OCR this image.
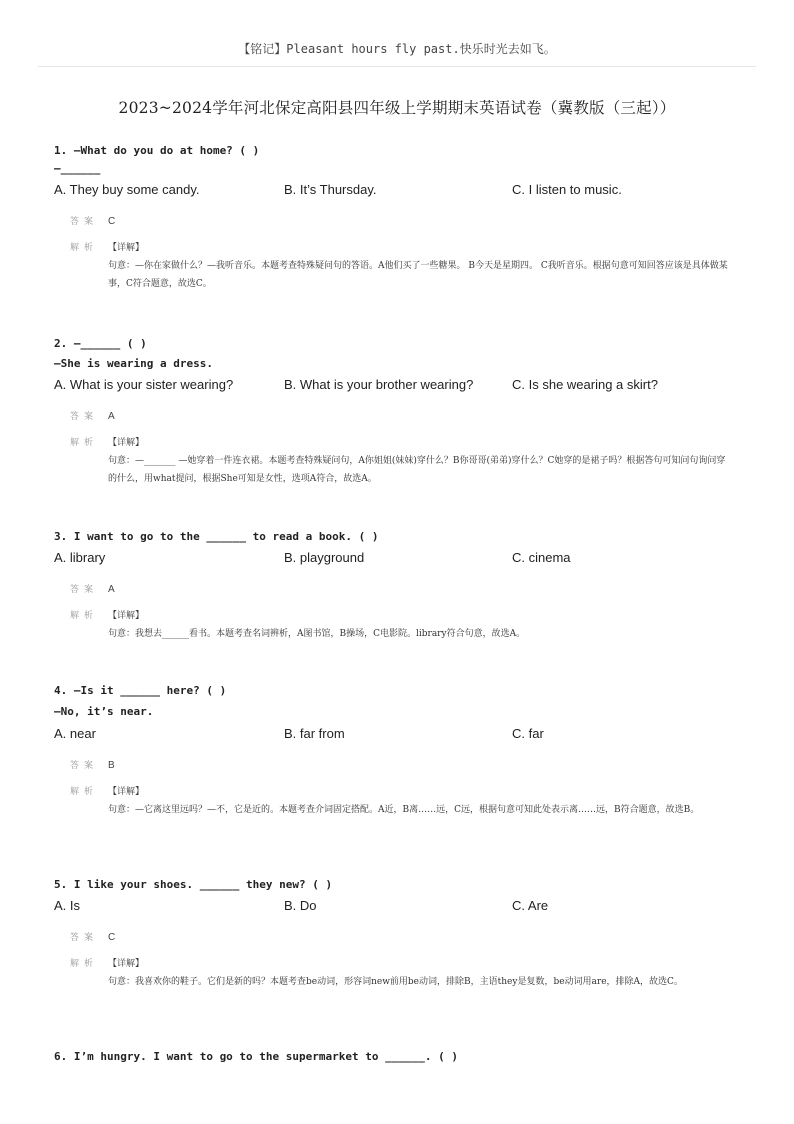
【铭记】Pleasant hours fly past.快乐时光去如飞。
2023~2024学年河北保定高阳县四年级上学期期末英语试卷（冀教版（三起））
1. —What do you do at home? ( )
—______
A. They buy some candy.	B. It’s Thursday.	C. I listen to music.
答案 C
解析 【详解】
句意：—你在家做什么？—我听音乐。本题考查特殊疑问句的答语。A他们买了一些糖果。 B今天是星期四。 C我听音乐。根据句意可知回答应该是具体做某事，C符合题意，故选C。
2. —______ ( )
—She is wearing a dress.
A. What is your sister wearing?	B. What is your brother wearing?	C. Is she wearing a skirt?
答案 A
解析 【详解】
句意：—_______ —她穿着一件连衣裙。本题考查特殊疑问句，A你姐姐(妹妹)穿什么？B你哥哥(弟弟)穿什么？C她穿的是裙子吗？根据答句可知问句询问穿的什么，用what提问，根据She可知是女性，选项A符合，故选A。
3. I want to go to the ______ to read a book. ( )
A. library	B. playground	C. cinema
答案 A
解析 【详解】
句意：我想去______看书。本题考查名词辨析，A图书馆，B操场，C电影院。library符合句意，故选A。
4. —Is it ______ here? ( )
—No, it’s near.
A. near	B. far from	C. far
答案 B
解析 【详解】
句意：—它离这里远吗？—不，它是近的。本题考查介词固定搭配。A近，B离……远，C远，根据句意可知此处表示离……远，B符合题意，故选B。
5. I like your shoes. ______ they new? ( )
A. Is	B. Do	C. Are
答案 C
解析 【详解】
句意：我喜欢你的鞋子。它们是新的吗？本题考查be动词，形容词new前用be动词，排除B，主语they是复数，be动词用are，排除A，故选C。
6. I’m hungry. I want to go to the supermarket to ______. ( )
